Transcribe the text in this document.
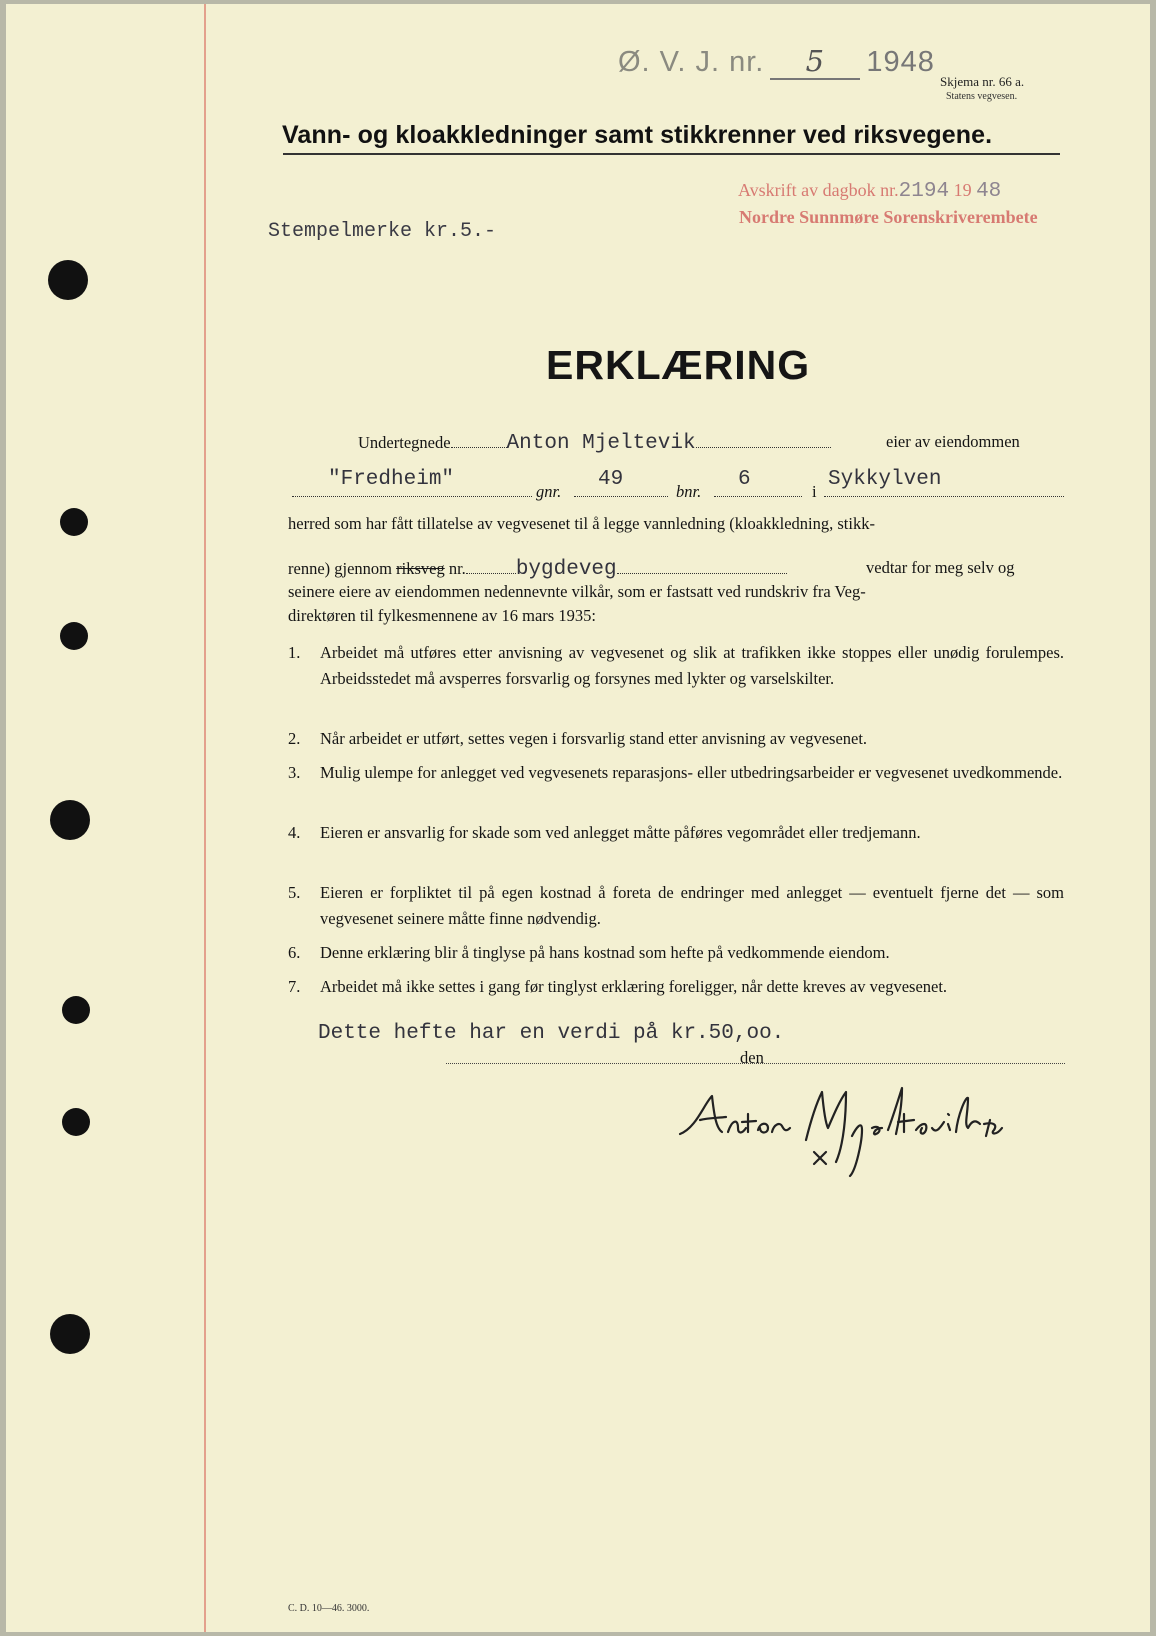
Ø. V. J. nr. 5 1948
Skjema nr. 66 a.
Statens vegvesen.
Vann- og kloakkledninger samt stikkrenner ved riksvegene.
Stempelmerke kr.5.-
Avskrift av dagbok nr.2194 19 48
Nordre Sunnmøre Sorenskriverembete
ERKLÆRING
Undertegnede	Anton Mjeltevik	eier av eiendommen
"Fredheim"
gnr.
49
bnr.
6
i
Sykkylven
herred som har fått tillatelse av vegvesenet til å legge vannledning (kloakkledning, stikk-
renne) gjennom riksveg nr. bygdeveg	vedtar for meg selv og
seinere eiere av eiendommen nedennevnte vilkår, som er fastsatt ved rundskriv fra Veg-
direktøren til fylkesmennene av 16 mars 1935:
1. Arbeidet må utføres etter anvisning av vegvesenet og slik at trafikken ikke stoppes eller unødig forulempes. Arbeidsstedet må avsperres forsvarlig og forsynes med lykter og varselskilter.
2. Når arbeidet er utført, settes vegen i forsvarlig stand etter anvisning av vegvesenet.
3. Mulig ulempe for anlegget ved vegvesenets reparasjons- eller utbedringsarbeider er vegvesenet uvedkommende.
4. Eieren er ansvarlig for skade som ved anlegget måtte påføres vegområdet eller tredjemann.
5. Eieren er forpliktet til på egen kostnad å foreta de endringer med anlegget — eventuelt fjerne det — som vegvesenet seinere måtte finne nødvendig.
6. Denne erklæring blir å tinglyse på hans kostnad som hefte på vedkommende eiendom.
7. Arbeidet må ikke settes i gang før tinglyst erklæring foreligger, når dette kreves av vegvesenet.
Dette hefte har en verdi på kr.50,oo.
den
C. D. 10—46. 3000.
